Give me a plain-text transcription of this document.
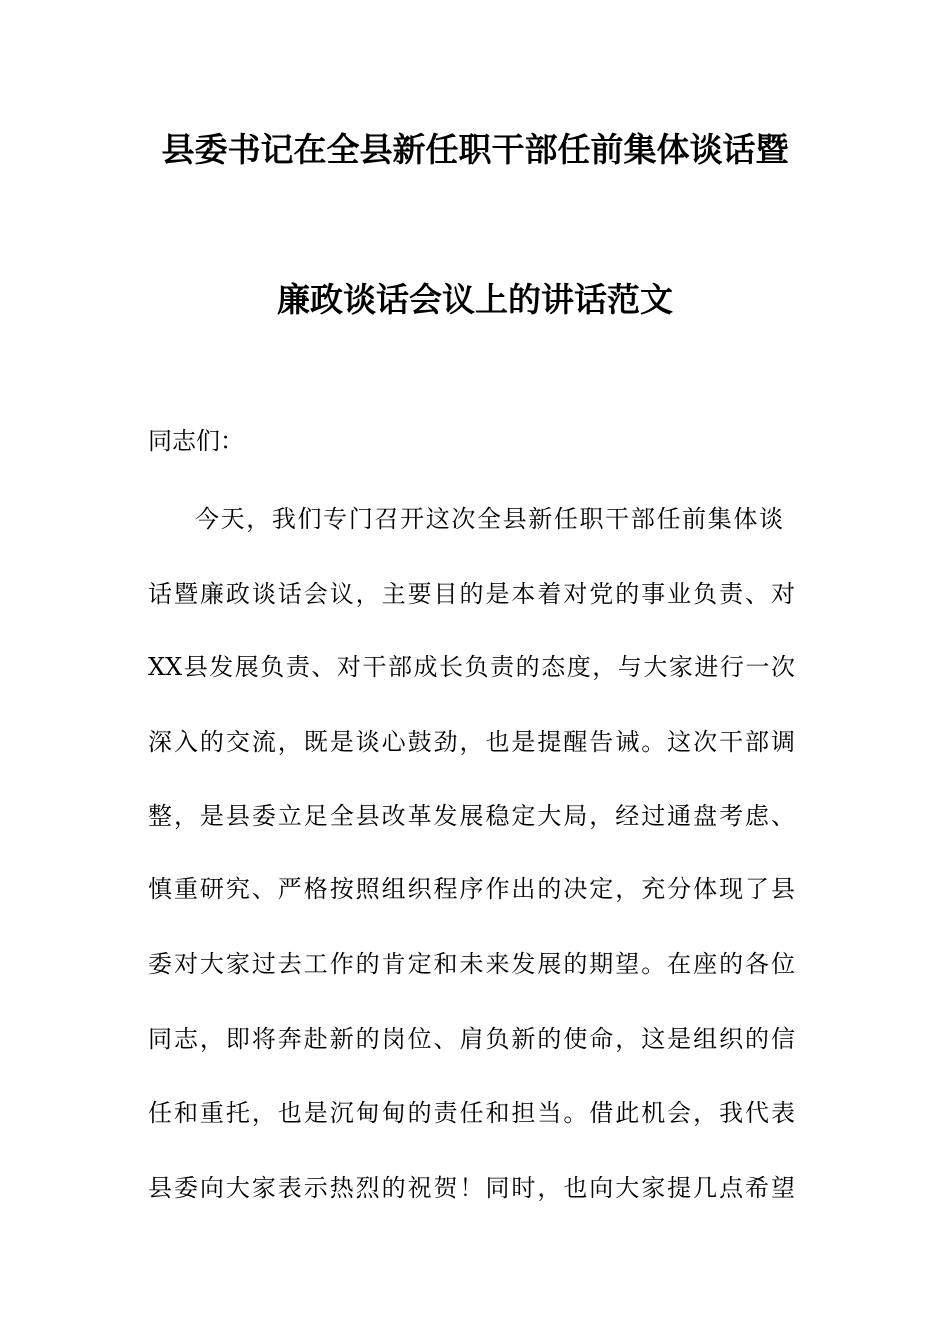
县委书记在全县新任职干部任前集体谈话暨
廉政谈话会议上的讲话范文
同志们：
今天，我们专门召开这次全县新任职干部任前集体谈
话暨廉政谈话会议，主要目的是本着对党的事业负责、对
XX县发展负责、对干部成长负责的态度，与大家进行一次
深入的交流，既是谈心鼓劲，也是提醒告诫。这次干部调
整，是县委立足全县改革发展稳定大局，经过通盘考虑、
慎重研究、严格按照组织程序作出的决定，充分体现了县
委对大家过去工作的肯定和未来发展的期望。在座的各位
同志，即将奔赴新的岗位、肩负新的使命，这是组织的信
任和重托，也是沉甸甸的责任和担当。借此机会，我代表
县委向大家表示热烈的祝贺！同时，也向大家提几点希望
